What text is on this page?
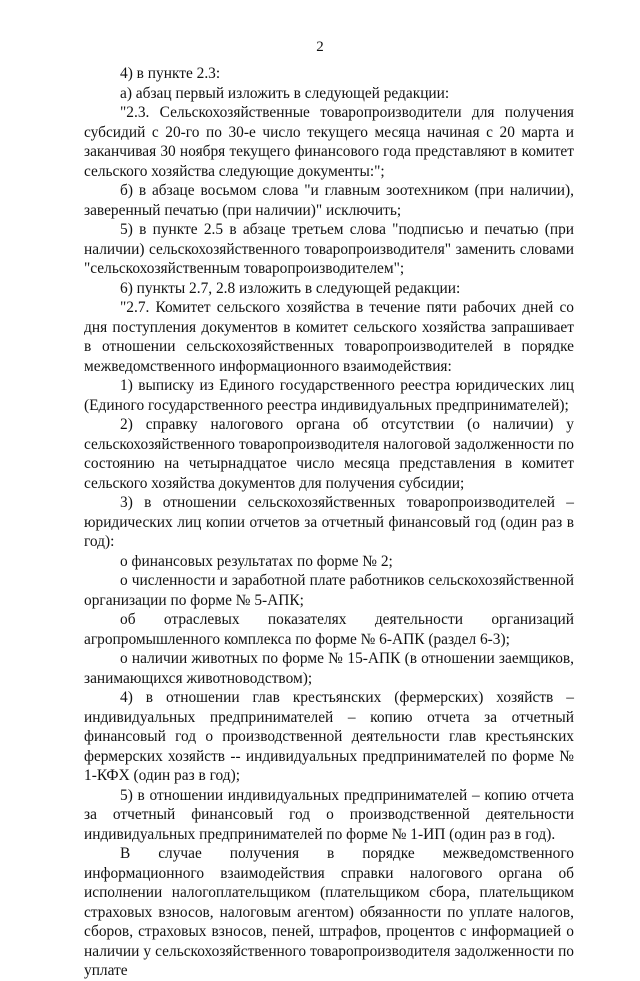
2

4) в пункте 2.3:

а) абзац первый изложить в следующей редакции:

"2.3. Сельскохозяйственные товаропроизводители для получения субсидий с 20-го по 30-е число текущего месяца начиная с 20 марта и заканчивая 30 ноября текущего финансового года представляют в комитет сельского хозяйства следующие документы:";

б) в абзаце восьмом слова "и главным зоотехником (при наличии), заверенный печатью (при наличии)" исключить;

5) в пункте 2.5 в абзаце третьем слова "подписью и печатью (при наличии) сельскохозяйственного товаропроизводителя" заменить словами "сельскохозяйственным товаропроизводителем";

6) пункты 2.7, 2.8 изложить в следующей редакции:

"2.7. Комитет сельского хозяйства в течение пяти рабочих дней со дня поступления документов в комитет сельского хозяйства запрашивает в отношении сельскохозяйственных товаропроизводителей в порядке межведомственного информационного взаимодействия:

1) выписку из Единого государственного реестра юридических лиц (Единого государственного реестра индивидуальных предпринимателей);

2) справку налогового органа об отсутствии (о наличии) у сельскохозяйственного товаропроизводителя налоговой задолженности по состоянию на четырнадцатое число месяца представления в комитет сельского хозяйства документов для получения субсидии;

3) в отношении сельскохозяйственных товаропроизводителей – юридических лиц копии отчетов за отчетный финансовый год (один раз в год):

о финансовых результатах по форме № 2;

о численности и заработной плате работников сельскохозяйственной организации по форме № 5-АПК;

об отраслевых показателях деятельности организаций агропромышленного комплекса по форме № 6-АПК (раздел 6-3);

о наличии животных по форме № 15-АПК (в отношении заемщиков, занимающихся животноводством);

4) в отношении глав крестьянских (фермерских) хозяйств – индивидуальных предпринимателей – копию отчета за отчетный финансовый год о производственной деятельности глав крестьянских фермерских хозяйств -- индивидуальных предпринимателей по форме № 1-КФХ (один раз в год);

5) в отношении индивидуальных предпринимателей – копию отчета за отчетный финансовый год о производственной деятельности индивидуальных предпринимателей по форме № 1-ИП (один раз в год).

В случае получения в порядке межведомственного информационного взаимодействия справки налогового органа об исполнении налогоплательщиком (плательщиком сбора, плательщиком страховых взносов, налоговым агентом) обязанности по уплате налогов, сборов, страховых взносов, пеней, штрафов, процентов с информацией о наличии у сельскохозяйственного товаропроизводителя задолженности по уплате
